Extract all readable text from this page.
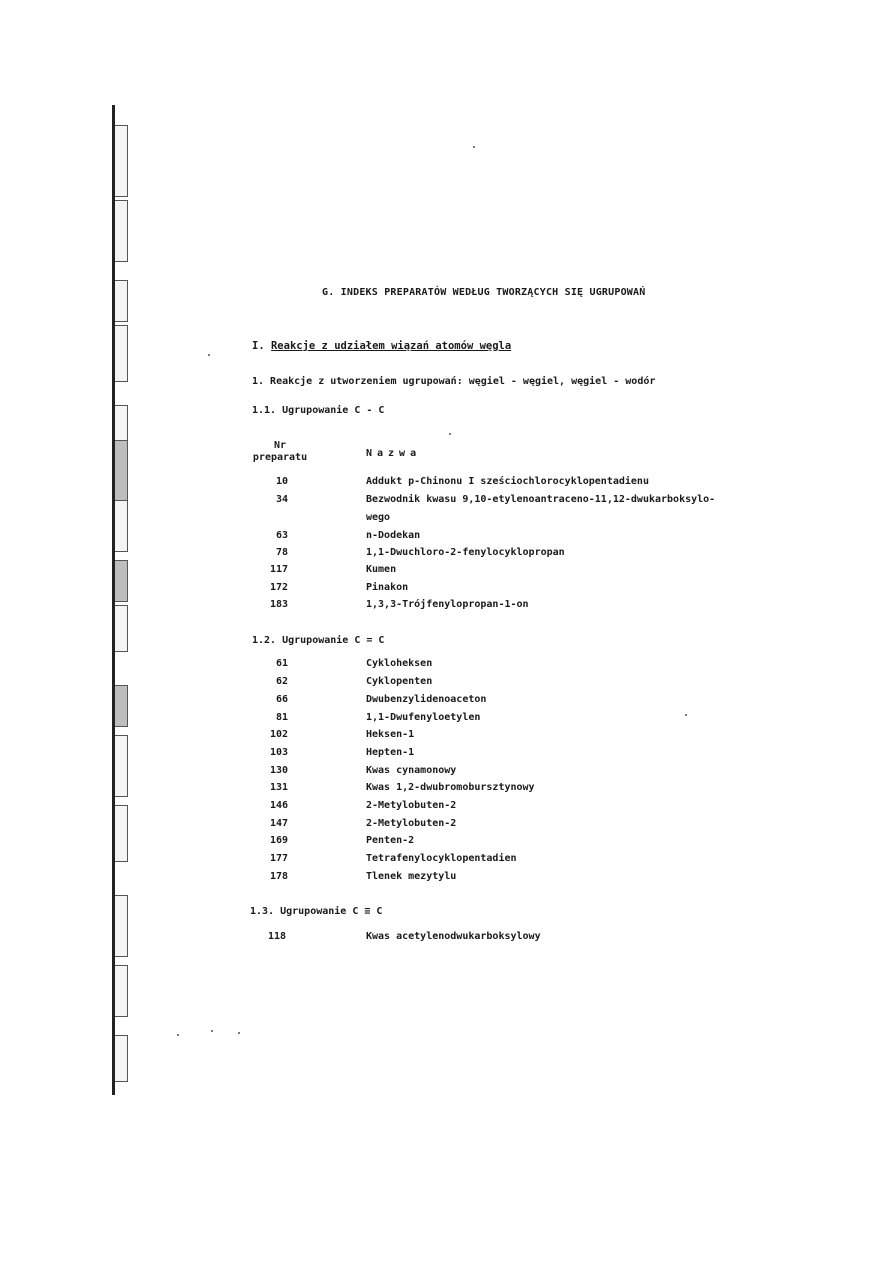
G. INDEKS PREPARATÓW WEDŁUG TWORZĄCYCH SIĘ UGRUPOWAŃ
I. Reakcje z udziałem wiązań atomów węgla
1. Reakcje z utworzeniem ugrupowań: węgiel - węgiel, węgiel - wodór
1.1. Ugrupowanie C - C
Nr
preparatu	Nazwa
10	Addukt p-Chinonu I sześciochlorocyklopentadienu
34	Bezwodnik kwasu 9,10-etylenoantraceno-11,12-dwukarboksylo-
wego
63	n-Dodekan
78	1,1-Dwuchloro-2-fenylocyklopropan
117	Kumen
172	Pinakon
183	1,3,3-Trójfenylopropan-1-on
1.2. Ugrupowanie C = C
61	Cykloheksen
62	Cyklopenten
66	Dwubenzylidenoaceton
81	1,1-Dwufenyloetylen
102	Heksen-1
103	Hepten-1
130	Kwas cynamonowy
131	Kwas 1,2-dwubromobursztynowy
146	2-Metylobuten-2
147	2-Metylobuten-2
169	Penten-2
177	Tetrafenylocyklopentadien
178	Tlenek mezytylu
1.3. Ugrupowanie C ≡ C
118	Kwas acetylenodwukarboksylowy
